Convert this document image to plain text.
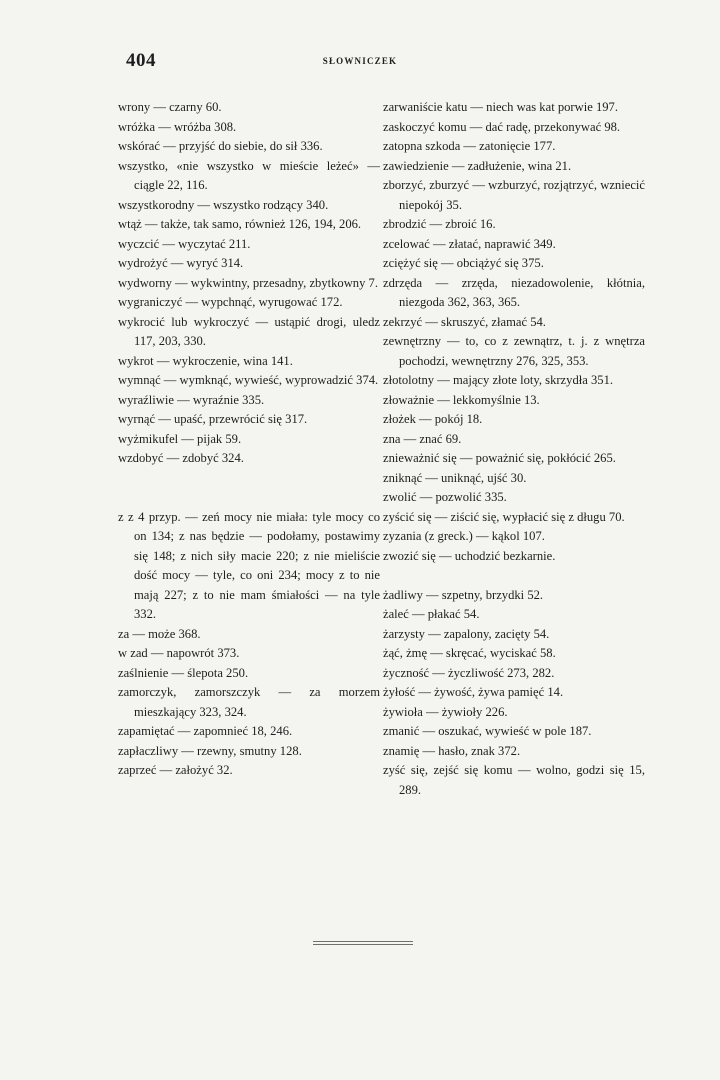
404	SŁOWNICZEK
wrony — czarny 60.
wróżka — wróżba 308.
wskórać — przyjść do siebie, do sił 336.
wszystko, «nie wszystko w mieście leżeć» — ciągle 22, 116.
wszystkorodny — wszystko rodzący 340.
wtąż — także, tak samo, również 126, 194, 206.
wyczcić — wyczytać 211.
wydrożyć — wyryć 314.
wydworny — wykwintny, przesadny, zbytkowny 7.
wygraniczyć — wypchnąć, wyrugować 172.
wykrocić lub wykroczyć — ustąpić drogi, uledz 117, 203, 330.
wykrot — wykroczenie, wina 141.
wymnąć — wymknąć, wywieść, wyprowadzić 374.
wyraźliwie — wyraźnie 335.
wyrnąć — upaść, przewrócić się 317.
wyżmikufel — pijak 59.
wzdobyć — zdobyć 324.
z z 4 przyp. — zeń mocy nie miała: tyle mocy co on 134; z nas będzie — podołamy, postawimy się 148; z nich siły macie 220; z nie mieliście dość mocy — tyle, co oni 234; mocy z to nie mają 227; z to nie mam śmiałości — na tyle 332.
za — może 368.
w zad — napowrót 373.
zaślnienie — ślepota 250.
zamorczyk, zamorszczyk — za morzem mieszkający 323, 324.
zapamiętać — zapomnieć 18, 246.
zapłaczliwy — rzewny, smutny 128.
zaprzeć — założyć 32.
zarwaniście katu — niech was kat porwie 197.
zaskoczyć komu — dać radę, przekonywać 98.
zatopna szkoda — zatonięcie 177.
zawiedzienie — zadłużenie, wina 21.
zborzyć, zburzyć — wzburzyć, rozjątrzyć, wzniecić niepokój 35.
zbrodzić — zbroić 16.
zcelować — złatać, naprawić 349.
zciężyć się — obciążyć się 375.
zdrzęda — zrzęda, niezadowolenie, kłótnia, niezgoda 362, 363, 365.
zekrzyć — skruszyć, złamać 54.
zewnętrzny — to, co z zewnątrz, t. j. z wnętrza pochodzi, wewnętrzny 276, 325, 353.
złotolotny — mający złote loty, skrzydła 351.
złoważnie — lekkomyślnie 13.
złożek — pokój 18.
zna — znać 69.
znieważnić się — poważnić się, pokłócić 265.
zniknąć — uniknąć, ujść 30.
zwolić — pozwolić 335.
zyścić się — ziścić się, wypłacić się z długu 70.
zyzania (z greck.) — kąkol 107.
zwozić się — uchodzić bezkarnie.
żadliwy — szpetny, brzydki 52.
żaleć — płakać 54.
żarzysty — zapalony, zacięty 54.
żąć, żmę — skręcać, wyciskać 58.
życzność — życzliwość 273, 282.
żyłość — żywość, żywa pamięć 14.
żywioła — żywioły 226.
zmanić — oszukać, wywieść w pole 187.
znamię — hasło, znak 372.
zyść się, zejść się komu — wolno, godzi się 15, 289.
